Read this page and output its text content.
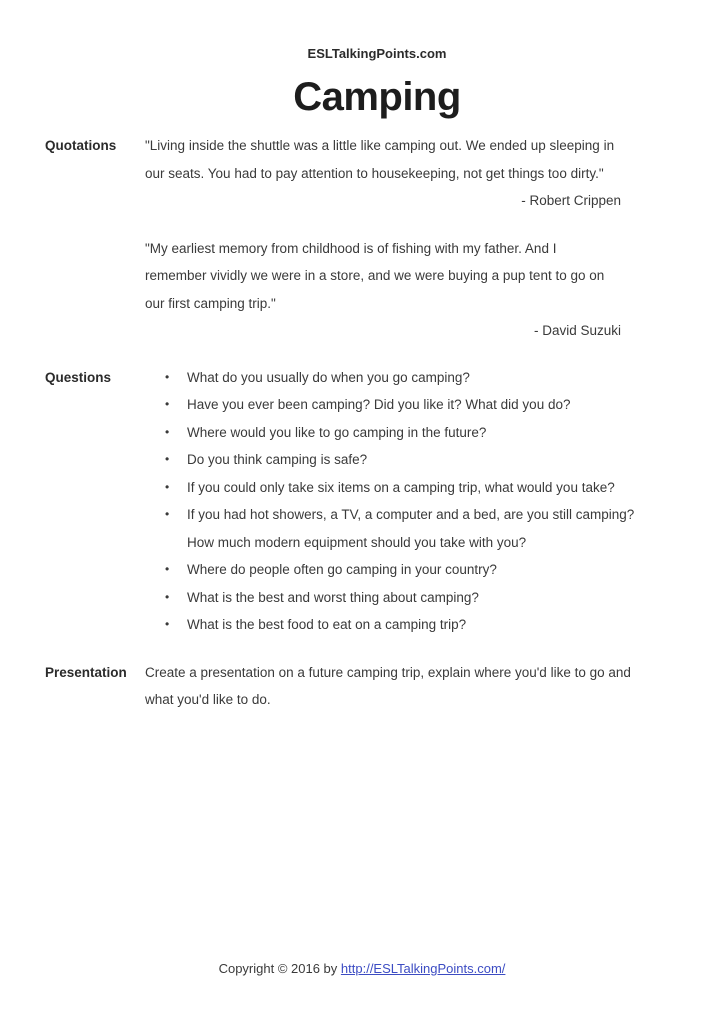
ESLTalkingPoints.com
Camping
Quotations	"Living inside the shuttle was a little like camping out. We ended up sleeping in our seats. You had to pay attention to housekeeping, not get things too dirty."

- Robert Crippen

"My earliest memory from childhood is of fishing with my father. And I remember vividly we were in a store, and we were buying a pup tent to go on our first camping trip."

- David Suzuki

Questions	•	What do you usually do when you go camping?
•	Have you ever been camping? Did you like it? What did you do?
•	Where would you like to go camping in the future?
•	Do you think camping is safe?
•	If you could only take six items on a camping trip, what would you take?
•	If you had hot showers, a TV, a computer and a bed, are you still camping? How much modern equipment should you take with you?
•	Where do people often go camping in your country?
•	What is the best and worst thing about camping?
•	What is the best food to eat on a camping trip?
Presentation	Create a presentation on a future camping trip, explain where you'd like to go and what you'd like to do.

Copyright © 2016 by http://ESLTalkingPoints.com/
